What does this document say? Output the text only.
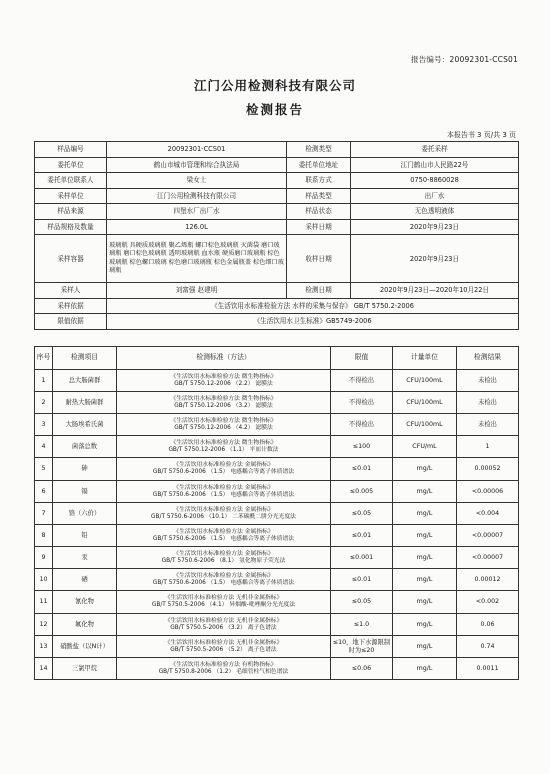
报告编号：20092301-CCS01
江门公用检测科技有限公司
检测报告
本报告书 3 页/共 3 页
样品编号	20092301-CCS01	检测类型	委托采样
委托单位	鹤山市城市管理和综合执法局	委托单位地址	江门鹤山市人民路22号
委托单位联系人	梁女士	联系方式	0750-8860028
采样单位	江门公用检测科技有限公司	样品类型	出厂水
样品来源	四堡水厂出厂水	样品状态	无色透明液体
样品规格及数量	126.0L	采样日期	2020年9月23日
采样容器	玻璃瓶 具硬质玻璃瓶 聚乙烯瓶 螺口棕色玻璃瓶 灭菌袋 磨口玻璃瓶 磨口棕色玻璃瓶 透明玻璃瓶 血水瓶 硬质磨口玻璃瓶 棕色玻璃瓶 棕色螺口玻璃 棕色磨口玻璃瓶 棕色金属瓶盖 棕色细口玻璃瓶	收样日期	2020年9月23日
采样人	刘富强 赵建明	检测日期	2020年9月23日—2020年10月22日
采样依据	《生活饮用水标准检验方法 水样的采集与保存》 GB/T 5750.2-2006		
限值依据	《生活饮用水卫生标准》GB5749-2006		
序号	检测项目	检测标准（方法）	限值	计量单位	检测结果
1	总大肠菌群	《生活饮用水标准检验方法 微生物指标》
GB/T 5750.12-2006 （2.2） 滤膜法	不得检出	CFU/100mL	未检出
2	耐热大肠菌群	《生活饮用水标准检验方法 微生物指标》
GB/T 5750.12-2006 （3.2） 滤膜法	不得检出	CFU/100mL	未检出
3	大肠埃希氏菌	《生活饮用水标准检验方法 微生物指标》
GB/T 5750.12-2006 （4.2） 滤膜法	不得检出	CFU/100mL	未检出
4	菌落总数	《生活饮用水标准检验方法 微生物指标》
GB/T 5750.12-2006 （1.1） 平皿计数法	≤100	CFU/mL	1
5	砷	《生活饮用水标准检验方法 金属指标》
GB/T 5750.6-2006 （1.5） 电感耦合等离子体质谱法	≤0.01	mg/L	0.00052
6	镉	《生活饮用水标准检验方法 金属指标》
GB/T 5750.6-2006 （1.5） 电感耦合等离子体质谱法	≤0.005	mg/L	<0.00006
7	铬（六价）	《生活饮用水标准检验方法 金属指标》
GB/T 5750.6-2006 （10.1） 二苯碳酰二肼分光光度法	≤0.05	mg/L	<0.004
8	铅	《生活饮用水标准检验方法 金属指标》
GB/T 5750.6-2006 （1.5） 电感耦合等离子体质谱法	≤0.01	mg/L	<0.00007
9	汞	《生活饮用水标准检验方法 金属指标》
GB/T 5750.6-2006 （8.1） 氢化物原子荧光法	≤0.001	mg/L	<0.00007
10	硒	《生活饮用水标准检验方法 金属指标》
GB/T 5750.6-2006 （1.5） 电感耦合等离子体质谱法	≤0.01	mg/L	0.00012
11	氰化物	《生活饮用水标准检验方法 无机非金属指标》
GB/T 5750.5-2006 （4.1） 异烟酸-吡唑酮分光光度法	≤0.05	mg/L	<0.002
12	氟化物	《生活饮用水标准检验方法 无机非金属指标》
GB/T 5750.5-2006 （3.2） 离子色谱法	≤1.0	mg/L	0.06
13	硝酸盐（以N计）	《生活饮用水标准检验方法 无机非金属指标》
GB/T 5750.5-2006 （5.2） 离子色谱法	≤10，地下水源限制时为≤20	mg/L	0.74
14	三氯甲烷	《生活饮用水标准检验方法 有机物指标》
GB/T 5750.8-2006 （1.2） 毛细管柱气相色谱法	≤0.06	mg/L	0.0011
